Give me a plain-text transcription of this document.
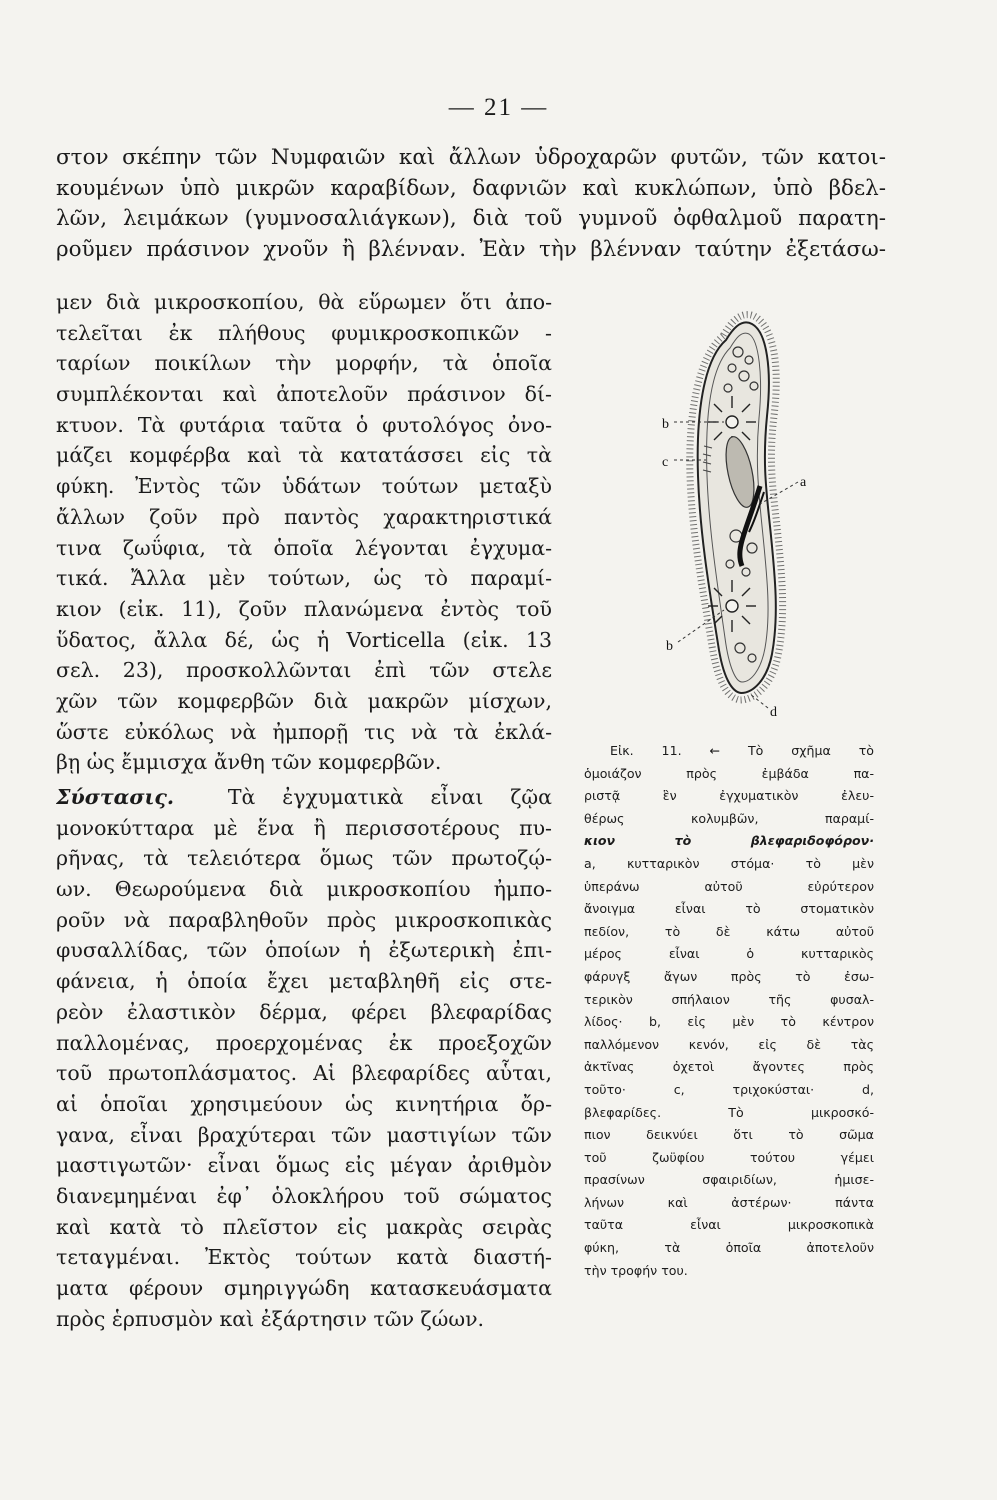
— 21 —
στον σκέπην τῶν Νυμφαιῶν καὶ ἄλλων ὑδροχαρῶν φυτῶν, τῶν κατοι-
κουμένων ὑπὸ μικρῶν καραβίδων, δαφνιῶν καὶ κυκλώπων, ὑπὸ βδελ-
λῶν, λειμάκων (γυμνοσαλιάγκων), διὰ τοῦ γυμνοῦ ὀφθαλμοῦ παρατη-
ροῦμεν πράσινον χνοῦν ἢ βλένναν. Ἐὰν τὴν βλένναν ταύτην ἐξετάσω-
μεν διὰ μικροσκοπίου, θὰ εὕρωμεν ὅτι ἀπο-
τελεῖται ἐκ πλήθους φυμικροσκοπικῶν -
ταρίων ποικίλων τὴν μορφήν, τὰ ὁποῖα
συμπλέκονται καὶ ἀποτελοῦν πράσινον δί-
κτυον. Τὰ φυτάρια ταῦτα ὁ φυτολόγος ὀνο-
μάζει κομφέρβα καὶ τὰ κατατάσσει εἰς τὰ
φύκη. Ἐντὸς τῶν ὑδάτων τούτων μεταξὺ
ἄλλων ζοῦν πρὸ παντὸς χαρακτηριστικά
τινα ζωΰφια, τὰ ὁποῖα λέγονται ἐγχυμα-
τικά. Ἄλλα μὲν τούτων, ὡς τὸ παραμί-
κιον (εἰκ. 11), ζοῦν πλανώμενα ἐντὸς τοῦ
ὕδατος, ἄλλα δέ, ὡς ἡ Vorticella (εἰκ. 13
σελ. 23), προσκολλῶνται ἐπὶ τῶν στελε
χῶν τῶν κομφερβῶν διὰ μακρῶν μίσχων,
ὥστε εὐκόλως νὰ ἠμπορῇ τις νὰ τὰ ἐκλά-
βῃ ὡς ἔμμισχα ἄνθη τῶν κομφερβῶν.
Σύστασις.	Τὰ ἐγχυματικὰ εἶναι ζῷα
μονοκύτταρα μὲ ἕνα ἢ περισσοτέρους πυ-
ρῆνας, τὰ τελειότερα ὅμως τῶν πρωτοζῴ-
ων. Θεωρούμενα διὰ μικροσκοπίου ἠμπο-
ροῦν νὰ παραβληθοῦν πρὸς μικροσκοπικὰς
φυσαλλίδας, τῶν ὁποίων ἡ ἐξωτερικὴ ἐπι-
φάνεια, ἡ ὁποία ἔχει μεταβληθῆ εἰς στε-
ρεὸν ἐλαστικὸν δέρμα, φέρει βλεφαρίδας
παλλομένας, προερχομένας ἐκ προεξοχῶν
τοῦ πρωτοπλάσματος. Αἱ βλεφαρίδες αὗται,
αἱ ὁποῖαι χρησιμεύουν ὡς κινητήρια ὄρ-
γανα, εἶναι βραχύτεραι τῶν μαστιγίων τῶν
μαστιγωτῶν· εἶναι ὅμως εἰς μέγαν ἀριθμὸν
διανεμημέναι ἐφ᾿ ὁλοκλήρου τοῦ σώματος
καὶ κατὰ τὸ πλεῖστον εἰς μακρὰς σειρὰς
τεταγμέναι. Ἐκτὸς τούτων κατὰ διαστή-
ματα φέρουν σμηριγγώδη κατασκευάσματα
πρὸς ἑρπυσμὸν καὶ ἐξάρτησιν τῶν ζώων.
b
c
a
b
d
Εἰκ. 11. ← Τὸ σχῆμα τὸ
ὁμοιάζον πρὸς ἐμβάδα πα-
ριστᾷ ἓν ἐγχυματικὸν ἐλευ-
θέρως κολυμβῶν, παραμί-
κιον τὸ βλεφαριδοφόρον·
a, κυτταρικὸν στόμα· τὸ μὲν
ὑπεράνω αὐτοῦ εὐρύτερον
ἄνοιγμα εἶναι τὸ στοματικὸν
πεδίον, τὸ δὲ κάτω αὐτοῦ
μέρος εἶναι ὁ κυτταρικὸς
φάρυγξ ἄγων πρὸς τὸ ἐσω-
τερικὸν σπήλαιον τῆς φυσαλ-
λίδος· b, εἰς μὲν τὸ κέντρον
παλλόμενον κενόν, εἰς δὲ τὰς
ἀκτῖνας ὀχετοὶ ἄγοντες πρὸς
τοῦτο· c, τριχοκύσται· d,
βλεφαρίδες. Τὸ μικροσκό-
πιον δεικνύει ὅτι τὸ σῶμα
τοῦ ζωϋφίου τούτου γέμει
πρασίνων σφαιριδίων, ἡμισε-
λήνων καὶ ἀστέρων· πάντα
ταῦτα εἶναι μικροσκοπικὰ
φύκη, τὰ ὁποῖα ἀποτελοῦν
τὴν τροφήν του.
